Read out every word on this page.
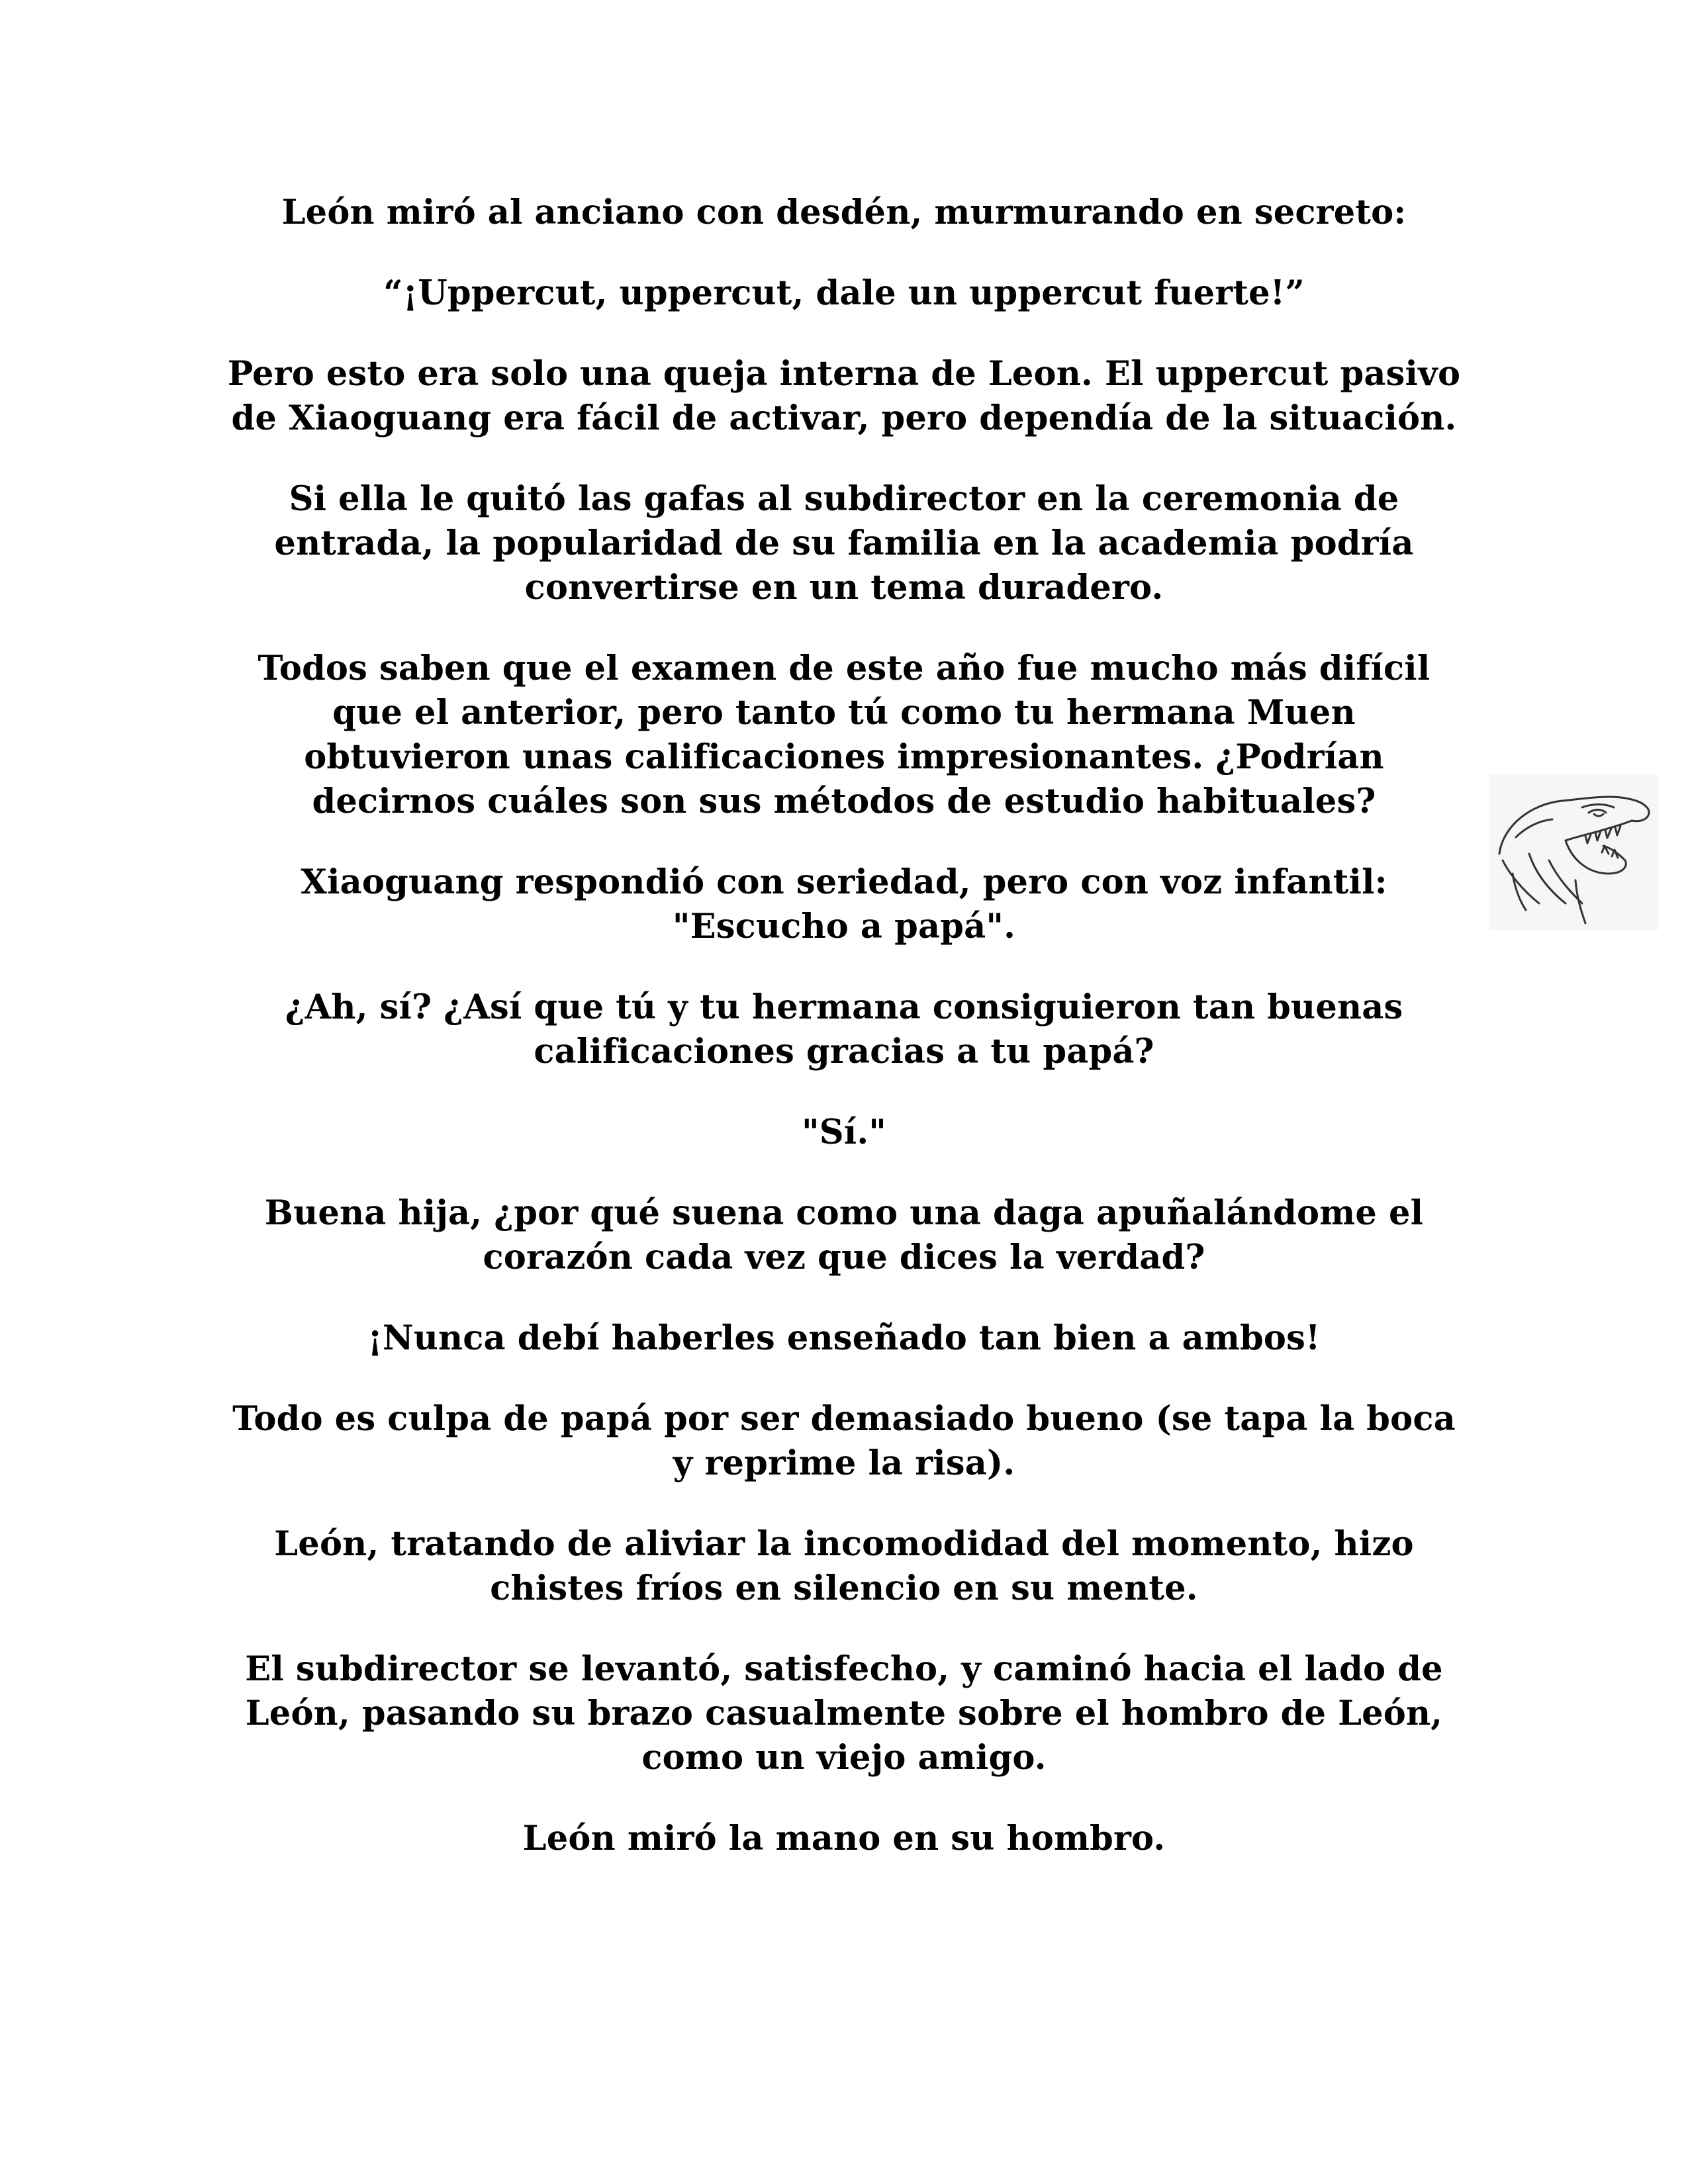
León miró al anciano con desdén, murmurando en secreto:

“¡Uppercut, uppercut, dale un uppercut fuerte!”

Pero esto era solo una queja interna de Leon. El uppercut pasivo de Xiaoguang era fácil de activar, pero dependía de la situación.

Si ella le quitó las gafas al subdirector en la ceremonia de entrada, la popularidad de su familia en la academia podría convertirse en un tema duradero.

Todos saben que el examen de este año fue mucho más difícil que el anterior, pero tanto tú como tu hermana Muen obtuvieron unas calificaciones impresionantes. ¿Podrían decirnos cuáles son sus métodos de estudio habituales?

Xiaoguang respondió con seriedad, pero con voz infantil: "Escucho a papá".

¿Ah, sí? ¿Así que tú y tu hermana consiguieron tan buenas calificaciones gracias a tu papá?

"Sí."

Buena hija, ¿por qué suena como una daga apuñalándome el corazón cada vez que dices la verdad?

¡Nunca debí haberles enseñado tan bien a ambos!

Todo es culpa de papá por ser demasiado bueno (se tapa la boca y reprime la risa).

León, tratando de aliviar la incomodidad del momento, hizo chistes fríos en silencio en su mente.

El subdirector se levantó, satisfecho, y caminó hacia el lado de León, pasando su brazo casualmente sobre el hombro de León, como un viejo amigo.

León miró la mano en su hombro.
